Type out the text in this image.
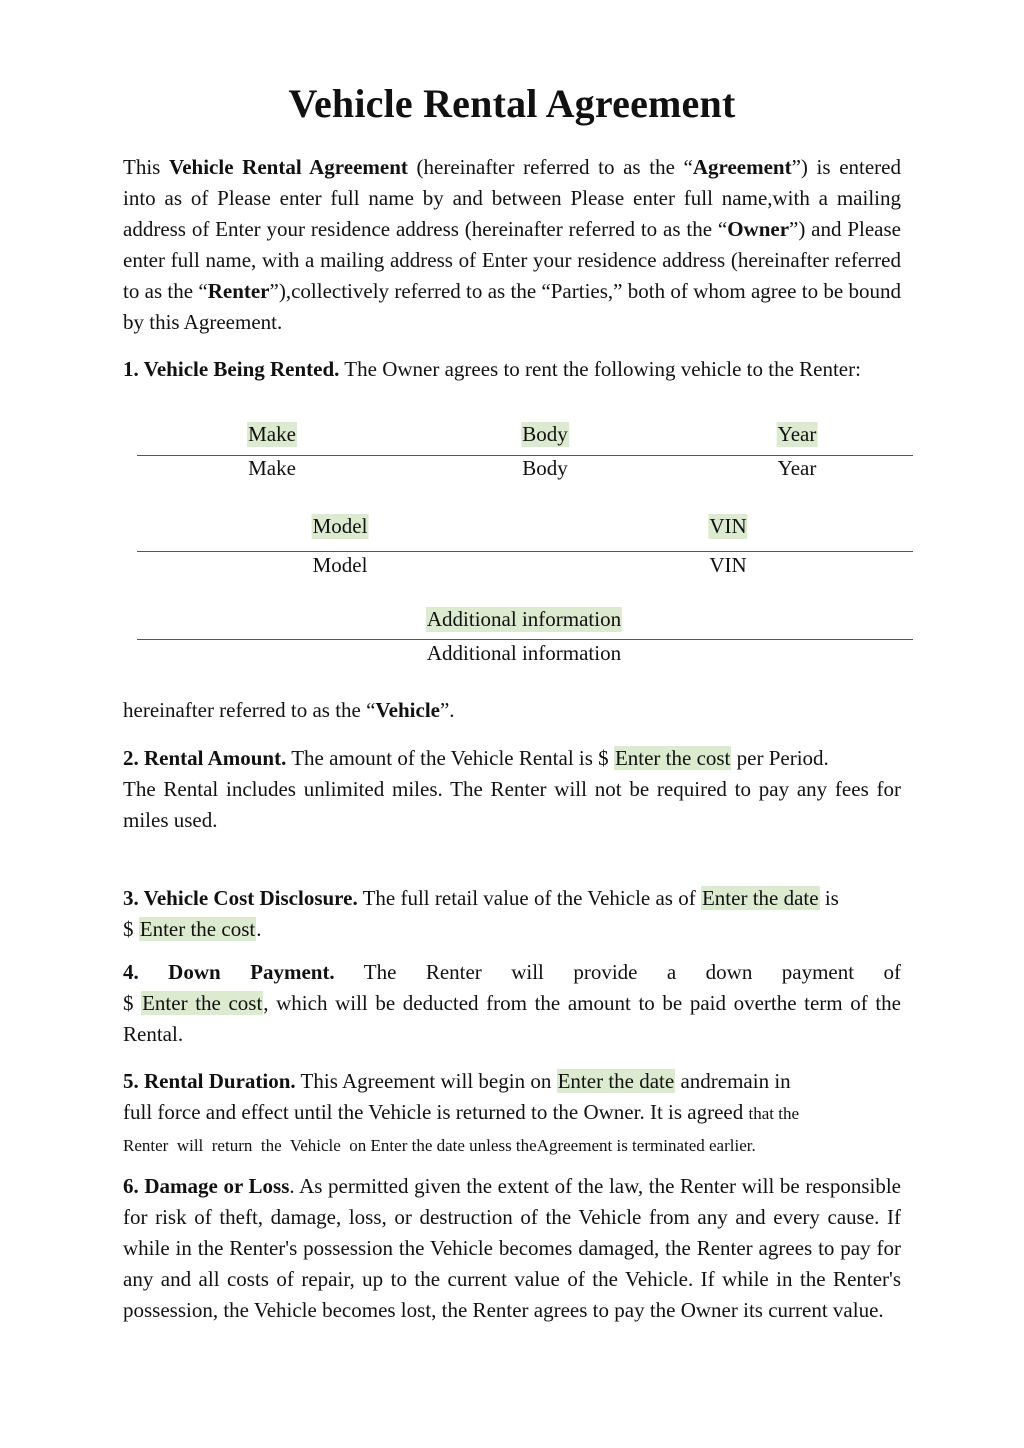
Vehicle Rental Agreement

This Vehicle Rental Agreement (hereinafter referred to as the “Agreement”) is entered into as of Please enter full name by and between Please enter full name,with a mailing address of Enter your residence address (hereinafter referred to as the “Owner”) and Please enter full name, with a mailing address of Enter your residence address (hereinafter referred to as the “Renter”),collectively referred to as the “Parties,” both of whom agree to be bound by this Agreement.

1. Vehicle Being Rented. The Owner agrees to rent the following vehicle to the Renter:

Make	Body	Year
Make	Body	Year
Model	VIN
Model	VIN
Additional information
Additional information

hereinafter referred to as the “Vehicle”.

2. Rental Amount. The amount of the Vehicle Rental is $ Enter the cost per Period.
The Rental includes unlimited miles. The Renter will not be required to pay any fees for miles used.

3. Vehicle Cost Disclosure. The full retail value of the Vehicle as of Enter the date is
$ Enter the cost.

4. Down Payment. The Renter will provide a down payment of
$ Enter the cost, which will be deducted from the amount to be paid overthe term of the Rental.

5. Rental Duration. This Agreement will begin on Enter the date andremain in
full force and effect until the Vehicle is returned to the Owner. It is agreed that the
Renter  will  return  the  Vehicle  on Enter the date unless theAgreement is terminated earlier.

6. Damage or Loss. As permitted given the extent of the law, the Renter will be responsible for risk of theft, damage, loss, or destruction of the Vehicle from any and every cause. If while in the Renter's possession the Vehicle becomes damaged, the Renter agrees to pay for any and all costs of repair, up to the current value of the Vehicle. If while in the Renter's possession, the Vehicle becomes lost, the Renter agrees to pay the Owner its current value.
